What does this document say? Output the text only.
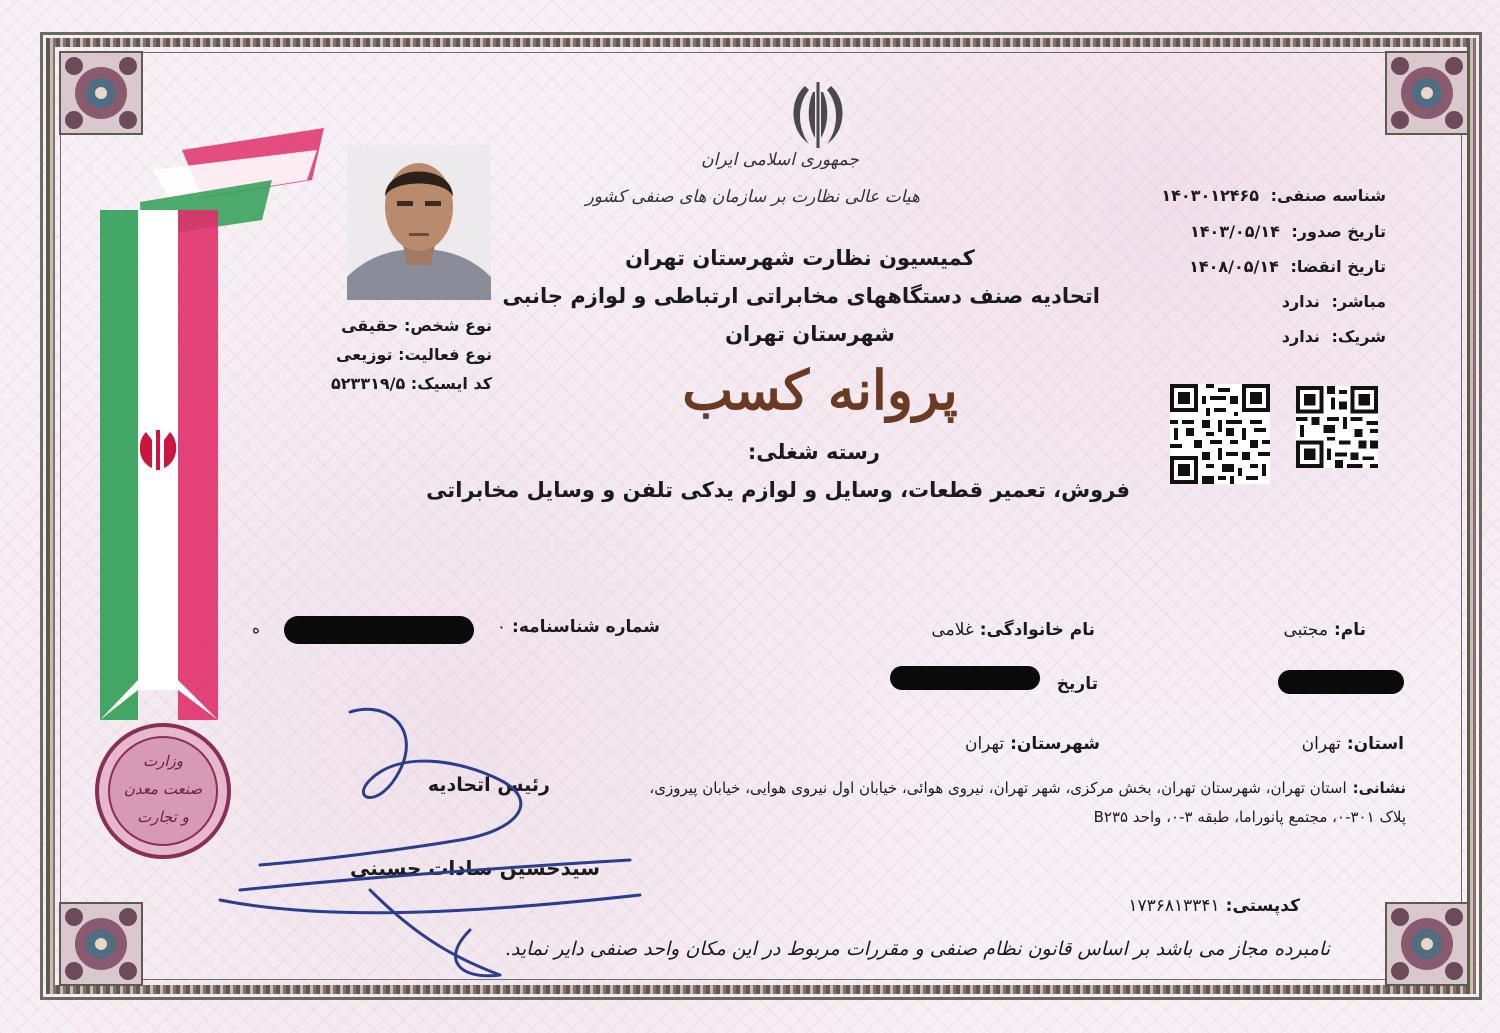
وزارت
صنعت معدن
و تجارت
جمهوری اسلامی ایران
هیات عالی نظارت بر سازمان های صنفی کشور
کمیسیون نظارت شهرستان تهران
اتحادیه صنف دستگاههای مخابراتی ارتباطی و لوازم جانبی
شهرستان تهران
پروانه کسب
رسته شغلی:
فروش، تعمیر قطعات، وسایل و لوازم یدکی تلفن و وسایل مخابراتی
شناسه صنفی: ۱۴۰۳۰۱۲۴۶۵
تاریخ صدور: ۱۴۰۳/۰۵/۱۴
تاریخ انقضا: ۱۴۰۸/۰۵/۱۴
مباشر: ندارد
شریک: ندارد
نوع شخص: حقیقی
نوع فعالیت: توزیعی
کد ایسیک: ۵۲۳۳۱۹/۵
نام:مجتبی
نام خانوادگی:غلامی
شماره شناسنامه:۰
ه
تاریخ
استان:تهران
شهرستان:تهران
نشانی:استان تهران، شهرستان تهران، بخش مرکزی، شهر تهران، نیروی هوائی، خیابان اول نیروی هوایی، خیابان پیروزی، پلاک ۳۰۱-۰، مجتمع پانوراما، طبقه ۳-۰، واحد B۲۳۵
کدپستی:۱۷۳۶۸۱۳۳۴۱
رئیس اتحادیه
سیدحسین سادات حسینی
نامبرده مجاز می باشد بر اساس قانون نظام صنفی و مقررات مربوط در این مکان واحد صنفی دایر نماید.
